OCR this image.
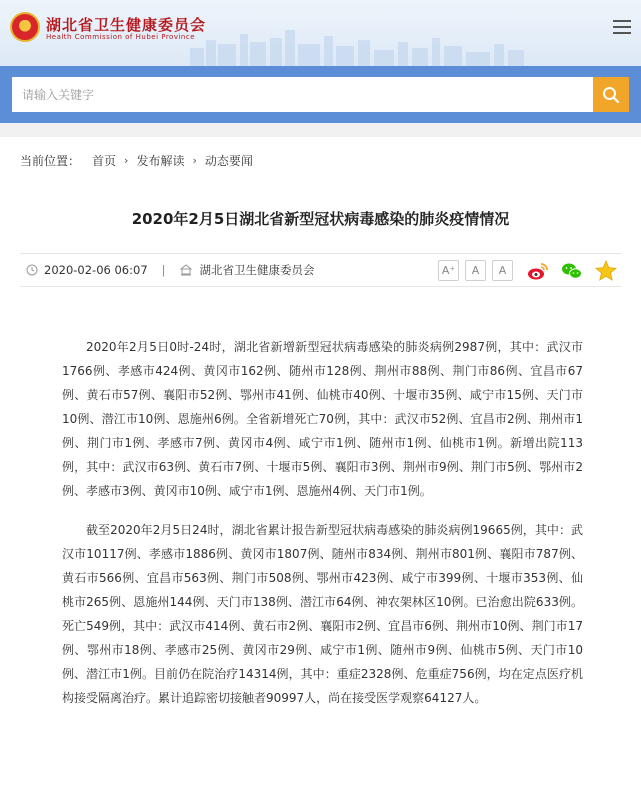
湖北省卫生健康委员会
Health Commission of Hubei Province
请输入关键字
当前位置： 首页 › 发布解读 › 动态要闻
2020年2月5日湖北省新型冠状病毒感染的肺炎疫情情况
2020-02-06 06:07 |	湖北省卫生健康委员会	A⁺	A	A

2020年2月5日0时-24时，湖北省新增新型冠状病毒感染的肺炎病例2987例，其中：武汉市1766例、孝感市424例、黄冈市162例、随州市128例、荆州市88例、荆门市86例、宜昌市67例、黄石市57例、襄阳市52例、鄂州市41例、仙桃市40例、十堰市35例、咸宁市15例、天门市10例、潜江市10例、恩施州6例。全省新增死亡70例，其中：武汉市52例、宜昌市2例、荆州市1例、荆门市1例、孝感市7例、黄冈市4例、咸宁市1例、随州市1例、仙桃市1例。新增出院113例，其中：武汉市63例、黄石市7例、十堰市5例、襄阳市3例、荆州市9例、荆门市5例、鄂州市2例、孝感市3例、黄冈市10例、咸宁市1例、恩施州4例、天门市1例。

截至2020年2月5日24时，湖北省累计报告新型冠状病毒感染的肺炎病例19665例，其中：武汉市10117例、孝感市1886例、黄冈市1807例、随州市834例、荆州市801例、襄阳市787例、黄石市566例、宜昌市563例、荆门市508例、鄂州市423例、咸宁市399例、十堰市353例、仙桃市265例、恩施州144例、天门市138例、潜江市64例、神农架林区10例。已治愈出院633例。死亡549例，其中：武汉市414例、黄石市2例、襄阳市2例、宜昌市6例、荆州市10例、荆门市17例、鄂州市18例、孝感市25例、黄冈市29例、咸宁市1例、随州市9例、仙桃市5例、天门市10例、潜江市1例。目前仍在院治疗14314例，其中：重症2328例、危重症756例，均在定点医疗机构接受隔离治疗。累计追踪密切接触者90997人，尚在接受医学观察64127人。
